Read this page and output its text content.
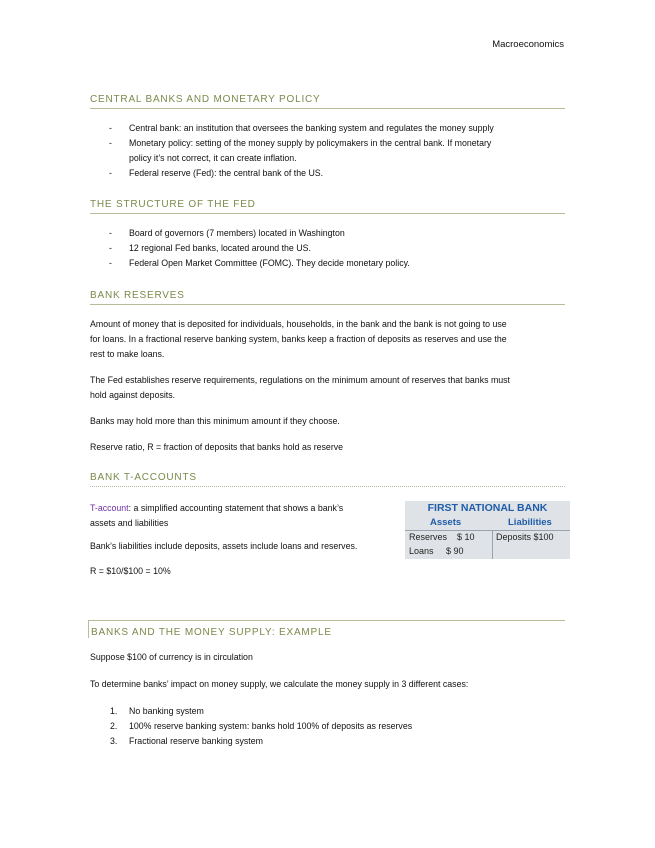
Macroeconomics
CENTRAL BANKS AND MONETARY POLICY
- Central bank: an institution that oversees the banking system and regulates the money supply
- Monetary policy: setting of the money supply by policymakers in the central bank. If monetary
policy it’s not correct, it can create inflation.
- Federal reserve (Fed): the central bank of the US.
THE STRUCTURE OF THE FED
- Board of governors (7 members) located in Washington
- 12 regional Fed banks, located around the US.
- Federal Open Market Committee (FOMC). They decide monetary policy.
BANK RESERVES

Amount of money that is deposited for individuals, households, in the bank and the bank is not going to use

for loans. In a fractional reserve banking system, banks keep a fraction of deposits as reserves and use the

rest to make loans.

The Fed establishes reserve requirements, regulations on the minimum amount of reserves that banks must

hold against deposits.

Banks may hold more than this minimum amount if they choose.

Reserve ratio, R = fraction of deposits that banks hold as reserve

BANK T-ACCOUNTS

T-account: a simplified accounting statement that shows a bank’s

assets and liabilities

Bank’s liabilities include deposits, assets include loans and reserves.

R = $10/$100 = 10%

FIRST NATIONAL BANK
Assets	Liabilities
Reserves    $ 10
Loans     $ 90
Deposits $100
BANKS AND THE MONEY SUPPLY: EXAMPLE

Suppose $100 of currency is in circulation

To determine banks’ impact on money supply, we calculate the money supply in 3 different cases:

1. No banking system
2. 100% reserve banking system: banks hold 100% of deposits as reserves
3. Fractional reserve banking system
